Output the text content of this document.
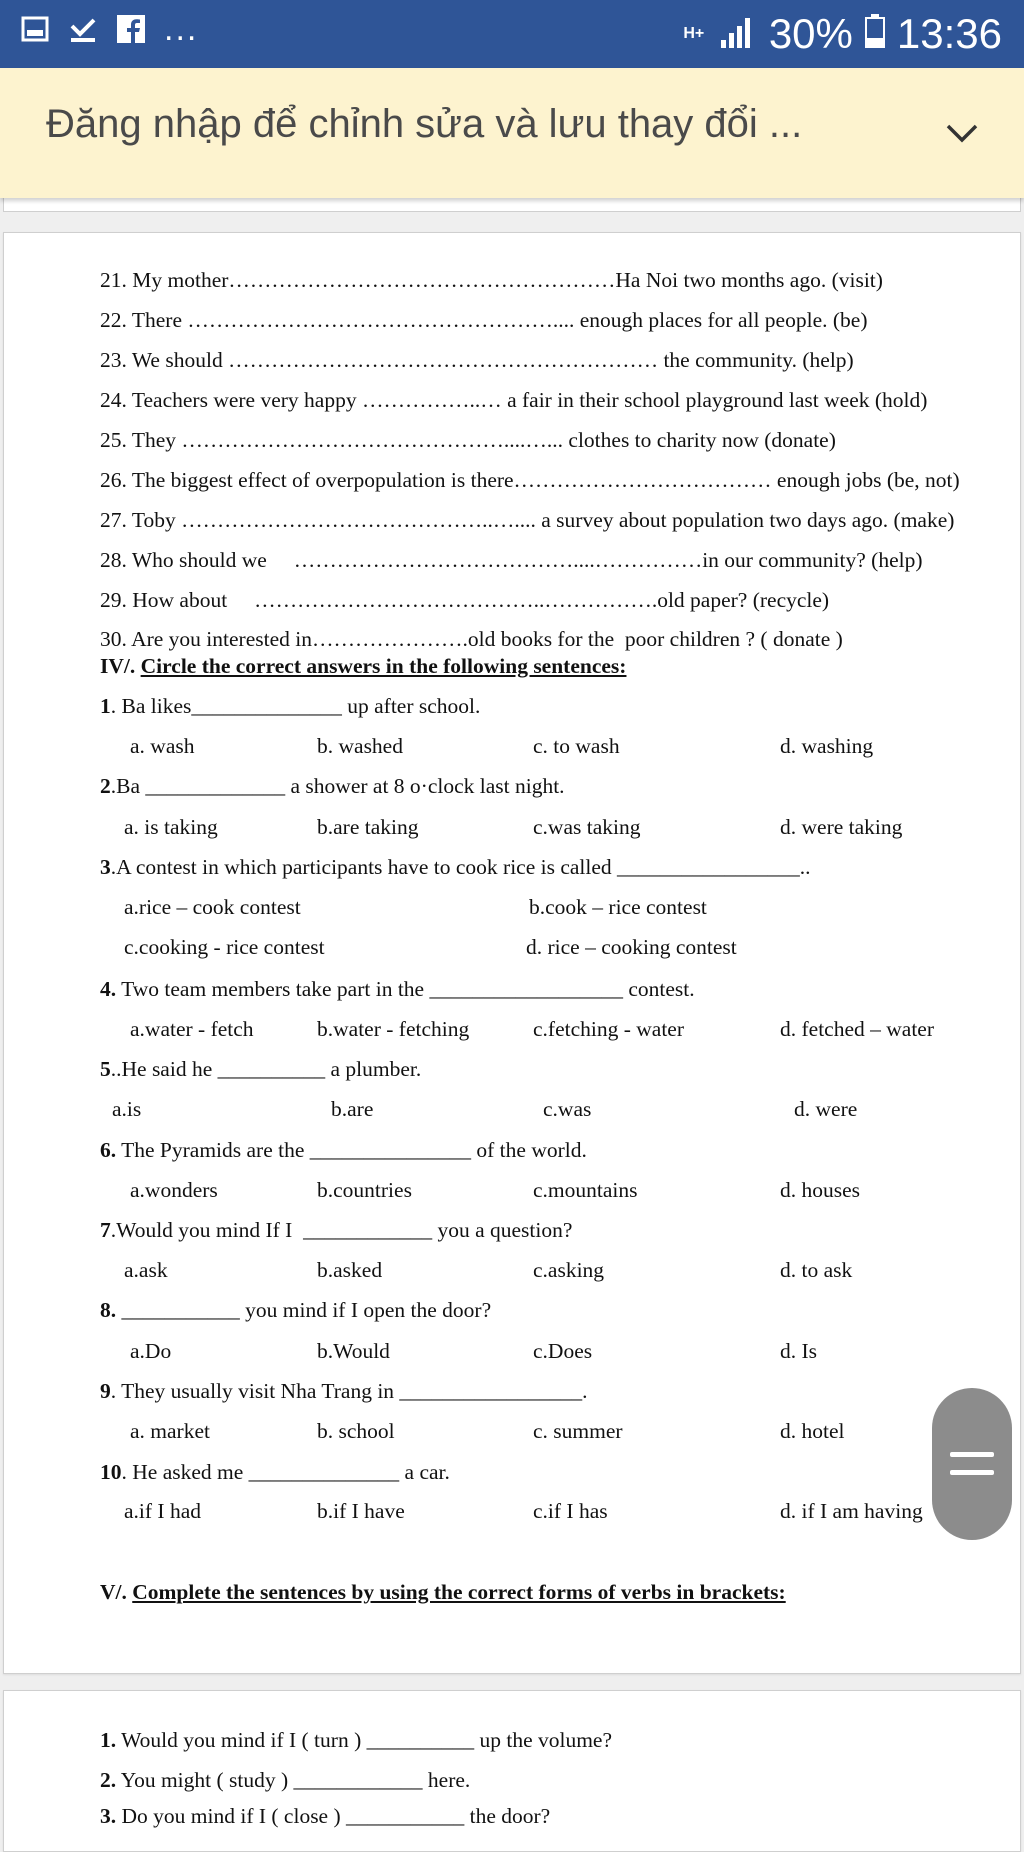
...	H+ 30% 13:36
Đăng nhập để chỉnh sửa và lưu thay đổi ...
21. My mother………………………………………………Ha Noi two months ago. (visit)
22. There …………………………………………….... enough places for all people. (be)
23. We should …………………………………………………… the community. (help)
24. Teachers were very happy ……………..… a fair in their school playground last week (hold)
25. They ………………………………………....…... clothes to charity now (donate)
26. The biggest effect of overpopulation is there……………………………… enough jobs (be, not)
27. Toby ……………………………………..….... a survey about population two days ago. (make)
28. Who should we     …………………………………....……………in our community? (help)
29. How about     …………………………………..…………….old paper? (recycle)
30. Are you interested in………………….old books for the  poor children ? ( donate )
IV/. Circle the correct answers in the following sentences:
1. Ba likes______________ up after school.
a. wash	b. washed	c. to wash	d. washing
2.Ba _____________ a shower at 8 o·clock last night.
a. is taking	b.are taking	c.was taking	d. were taking
3.A contest in which participants have to cook rice is called _________________..
a.rice – cook contest	b.cook – rice contest
c.cooking - rice contest	d. rice – cooking contest
4. Two team members take part in the __________________ contest.
a.water - fetch	b.water - fetching	c.fetching - water	d. fetched – water
5..He said he __________ a plumber.
a.is	b.are	c.was	d. were
6. The Pyramids are the _______________ of the world.
a.wonders	b.countries	c.mountains	d. houses
7.Would you mind If I  ____________ you a question?
a.ask	b.asked	c.asking	d. to ask
8. ___________ you mind if I open the door?
a.Do	b.Would	c.Does	d. Is
9. They usually visit Nha Trang in _________________.
a. market	b. school	c. summer	d. hotel
10. He asked me ______________ a car.
a.if I had	b.if I have	c.if I has	d. if I am having
V/. Complete the sentences by using the correct forms of verbs in brackets:
1. Would you mind if I ( turn ) __________ up the volume?
2. You might ( study ) ____________ here.
3. Do you mind if I ( close ) ___________ the door?
